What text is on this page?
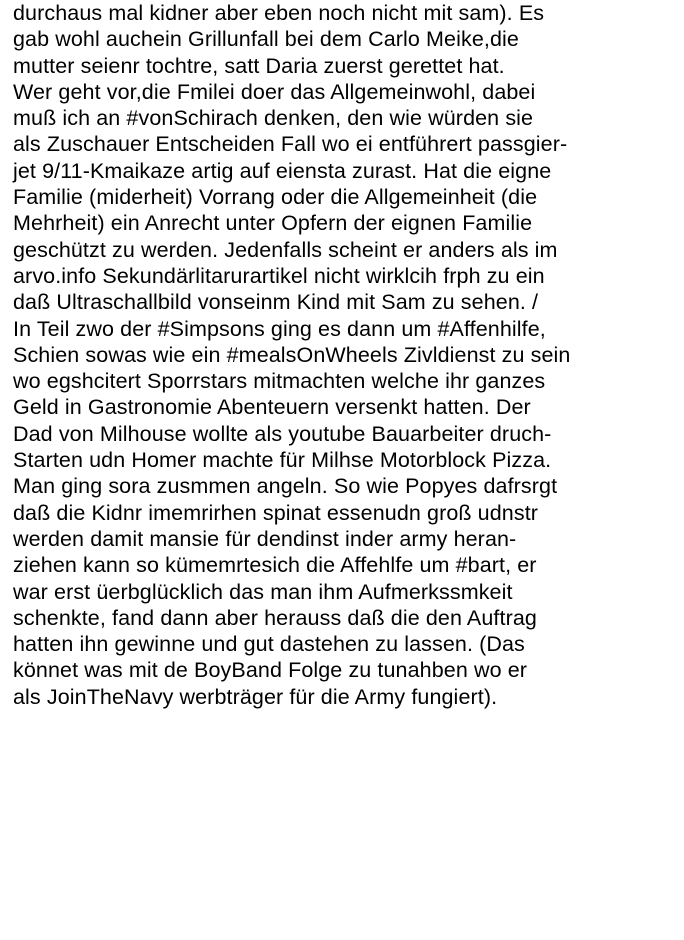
durchaus mal kidner aber eben noch nicht mit sam). Es
gab wohl auchein Grillunfall bei dem Carlo Meike,die
mutter seienr tochtre, satt Daria zuerst gerettet hat.
Wer geht vor,die Fmilei doer das Allgemeinwohl, dabei
muß ich an #vonSchirach denken, den wie würden sie
als Zuschauer Entscheiden Fall wo ei entführert passgier-
jet 9/11-Kmaikaze artig auf eiensta zurast. Hat die eigne
Familie (miderheit) Vorrang oder die Allgemeinheit (die
Mehrheit) ein Anrecht unter Opfern der eignen Familie
geschützt zu werden. Jedenfalls scheint er anders als im
arvo.info Sekundärlitarurartikel nicht wirklcih frph zu ein
daß Ultraschallbild vonseinm Kind mit Sam zu sehen. /
In Teil zwo der #Simpsons ging es dann um #Affenhilfe,
Schien sowas wie ein #mealsOnWheels Zivldienst zu sein
wo egshcitert Sporrstars mitmachten welche ihr ganzes
Geld in Gastronomie Abenteuern versenkt hatten. Der
Dad von Milhouse wollte als youtube Bauarbeiter druch-
Starten udn Homer machte für Milhse Motorblock Pizza.
Man ging sora zusmmen angeln. So wie Popyes dafrsrgt
daß die Kidnr imemrirhen spinat essenudn groß udnstr
werden damit mansie für dendinst inder army heran-
ziehen kann so kümemrtesich die Affehlfe um #bart, er
war erst üerbglücklich das man ihm Aufmerkssmkeit
schenkte, fand dann aber herauss daß die den Auftrag
hatten ihn gewinne und gut dastehen zu lassen. (Das
könnet was mit de BoyBand Folge zu tunahben wo er
als JoinTheNavy werbträger für die Army fungiert).
